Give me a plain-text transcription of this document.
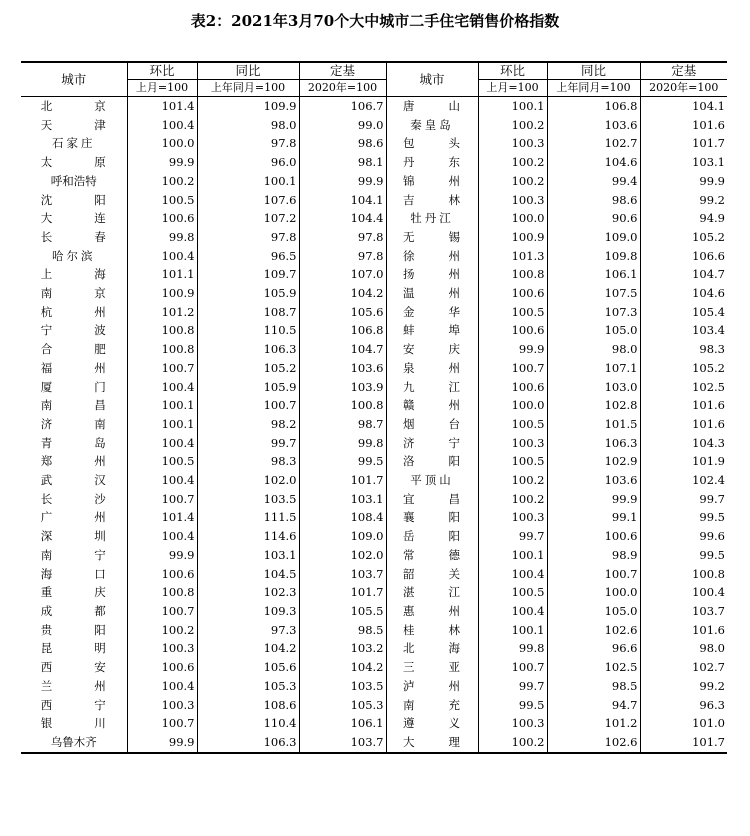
表2：2021年3月70个大中城市二手住宅销售价格指数
城市	环比	同比	定基	城市	环比	同比	定基
	上月=100	上年同月=100	2020年=100		上月=100	上年同月=100	2020年=100
北京	101.4	109.9	106.7	唐山	100.1	106.8	104.1
天津	100.4	98.0	99.0	秦皇岛	100.2	103.6	101.6
石家庄	100.0	97.8	98.6	包头	100.3	102.7	101.7
太原	99.9	96.0	98.1	丹东	100.2	104.6	103.1
呼和浩特	100.2	100.1	99.9	锦州	100.2	99.4	99.9
沈阳	100.5	107.6	104.1	吉林	100.3	98.6	99.2
大连	100.6	107.2	104.4	牡丹江	100.0	90.6	94.9
长春	99.8	97.8	97.8	无锡	100.9	109.0	105.2
哈尔滨	100.4	96.5	97.8	徐州	101.3	109.8	106.6
上海	101.1	109.7	107.0	扬州	100.8	106.1	104.7
南京	100.9	105.9	104.2	温州	100.6	107.5	104.6
杭州	101.2	108.7	105.6	金华	100.5	107.3	105.4
宁波	100.8	110.5	106.8	蚌埠	100.6	105.0	103.4
合肥	100.8	106.3	104.7	安庆	99.9	98.0	98.3
福州	100.7	105.2	103.6	泉州	100.7	107.1	105.2
厦门	100.4	105.9	103.9	九江	100.6	103.0	102.5
南昌	100.1	100.7	100.8	赣州	100.0	102.8	101.6
济南	100.1	98.2	98.7	烟台	100.5	101.5	101.6
青岛	100.4	99.7	99.8	济宁	100.3	106.3	104.3
郑州	100.5	98.3	99.5	洛阳	100.5	102.9	101.9
武汉	100.4	102.0	101.7	平顶山	100.2	103.6	102.4
长沙	100.7	103.5	103.1	宜昌	100.2	99.9	99.7
广州	101.4	111.5	108.4	襄阳	100.3	99.1	99.5
深圳	100.4	114.6	109.0	岳阳	99.7	100.6	99.6
南宁	99.9	103.1	102.0	常德	100.1	98.9	99.5
海口	100.6	104.5	103.7	韶关	100.4	100.7	100.8
重庆	100.8	102.3	101.7	湛江	100.5	100.0	100.4
成都	100.7	109.3	105.5	惠州	100.4	105.0	103.7
贵阳	100.2	97.3	98.5	桂林	100.1	102.6	101.6
昆明	100.3	104.2	103.2	北海	99.8	96.6	98.0
西安	100.6	105.6	104.2	三亚	100.7	102.5	102.7
兰州	100.4	105.3	103.5	泸州	99.7	98.5	99.2
西宁	100.3	108.6	105.3	南充	99.5	94.7	96.3
银川	100.7	110.4	106.1	遵义	100.3	101.2	101.0
乌鲁木齐	99.9	106.3	103.7	大理	100.2	102.6	101.7
